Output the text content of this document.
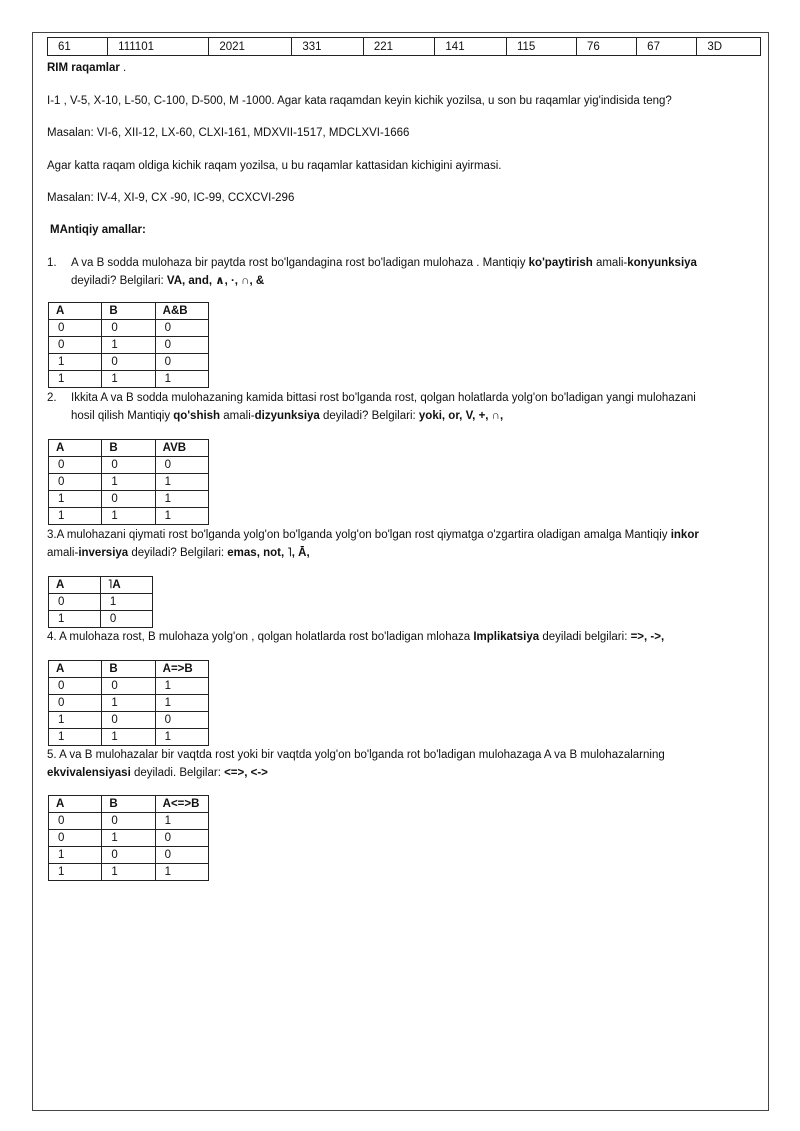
61	111101	2021	331	221	141	115	76	67	3D
RIM raqamlar .
I-1 , V-5, X-10, L-50, C-100, D-500, M -1000. Agar kata raqamdan keyin kichik yozilsa, u son bu raqamlar yig'indisida teng?
Masalan: VI-6, XII-12, LX-60, CLXI-161, MDXVII-1517, MDCLXVI-1666
Agar katta raqam oldiga kichik raqam yozilsa, u bu raqamlar kattasidan kichigini ayirmasi.
Masalan: IV-4, XI-9, CX -90, IC-99, CCXCVI-296
MAntiqiy amallar:
1. A va B sodda mulohaza bir paytda rost bo'lgandagina rost bo'ladigan mulohaza . Mantiqiy ko'paytirish amali-konyunksiya
deyiladi? Belgilari: VA, and, ∧, ·, ∩, &
A	B	A&B
0	0	0
0	1	0
1	0	0
1	1	1
2. Ikkita A va B sodda mulohazaning kamida bittasi rost bo'lganda rost, qolgan holatlarda yolg'on bo'ladigan yangi mulohazani
hosil qilish Mantiqiy qo'shish amali-dizyunksiya deyiladi? Belgilari: yoki, or, V, +, ∩,
A	B	AVB
0	0	0
0	1	1
1	0	1
1	1	1
3.A mulohazani qiymati rost bo'lganda yolg'on bo'lganda yolg'on bo'lgan rost qiymatga o'zgartira oladigan amalga Mantiqiy inkor
amali-inversiya deyiladi? Belgilari: emas, not, ˥, Ā,
A	˥A
0	1
1	0
4. A mulohaza rost, B mulohaza yolg'on , qolgan holatlarda rost bo'ladigan mlohaza Implikatsiya deyiladi belgilari: =>, ->,
A	B	A=>B
0	0	1
0	1	1
1	0	0
1	1	1
5. A va B mulohazalar bir vaqtda rost yoki bir vaqtda yolg'on bo'lganda rot bo'ladigan mulohazaga A va B mulohazalarning
ekvivalensiyasi deyiladi. Belgilar: <=>, <->
A	B	A<=>B
0	0	1
0	1	0
1	0	0
1	1	1
